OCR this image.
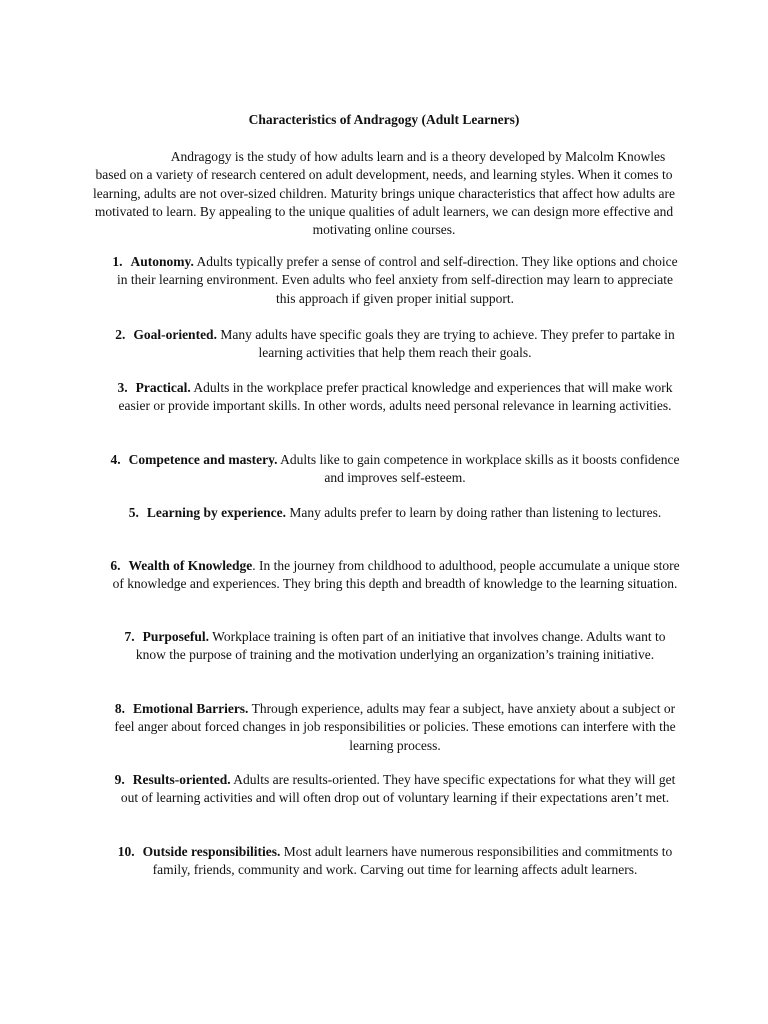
Characteristics of Andragogy (Adult Learners)
Andragogy is the study of how adults learn and is a theory developed by Malcolm Knowles based on a variety of research centered on adult development, needs, and learning styles. When it comes to learning, adults are not over-sized children. Maturity brings unique characteristics that affect how adults are motivated to learn. By appealing to the unique qualities of adult learners, we can design more effective and motivating online courses.
1. Autonomy. Adults typically prefer a sense of control and self-direction. They like options and choice in their learning environment. Even adults who feel anxiety from self-direction may learn to appreciate this approach if given proper initial support.
2. Goal-oriented. Many adults have specific goals they are trying to achieve. They prefer to partake in learning activities that help them reach their goals.
3. Practical. Adults in the workplace prefer practical knowledge and experiences that will make work easier or provide important skills. In other words, adults need personal relevance in learning activities.
4. Competence and mastery. Adults like to gain competence in workplace skills as it boosts confidence and improves self-esteem.
5. Learning by experience. Many adults prefer to learn by doing rather than listening to lectures.
6. Wealth of Knowledge. In the journey from childhood to adulthood, people accumulate a unique store of knowledge and experiences. They bring this depth and breadth of knowledge to the learning situation.
7. Purposeful. Workplace training is often part of an initiative that involves change. Adults want to know the purpose of training and the motivation underlying an organization’s training initiative.
8. Emotional Barriers. Through experience, adults may fear a subject, have anxiety about a subject or feel anger about forced changes in job responsibilities or policies. These emotions can interfere with the learning process.
9. Results-oriented. Adults are results-oriented. They have specific expectations for what they will get out of learning activities and will often drop out of voluntary learning if their expectations aren’t met.
10. Outside responsibilities. Most adult learners have numerous responsibilities and commitments to family, friends, community and work. Carving out time for learning affects adult learners.
